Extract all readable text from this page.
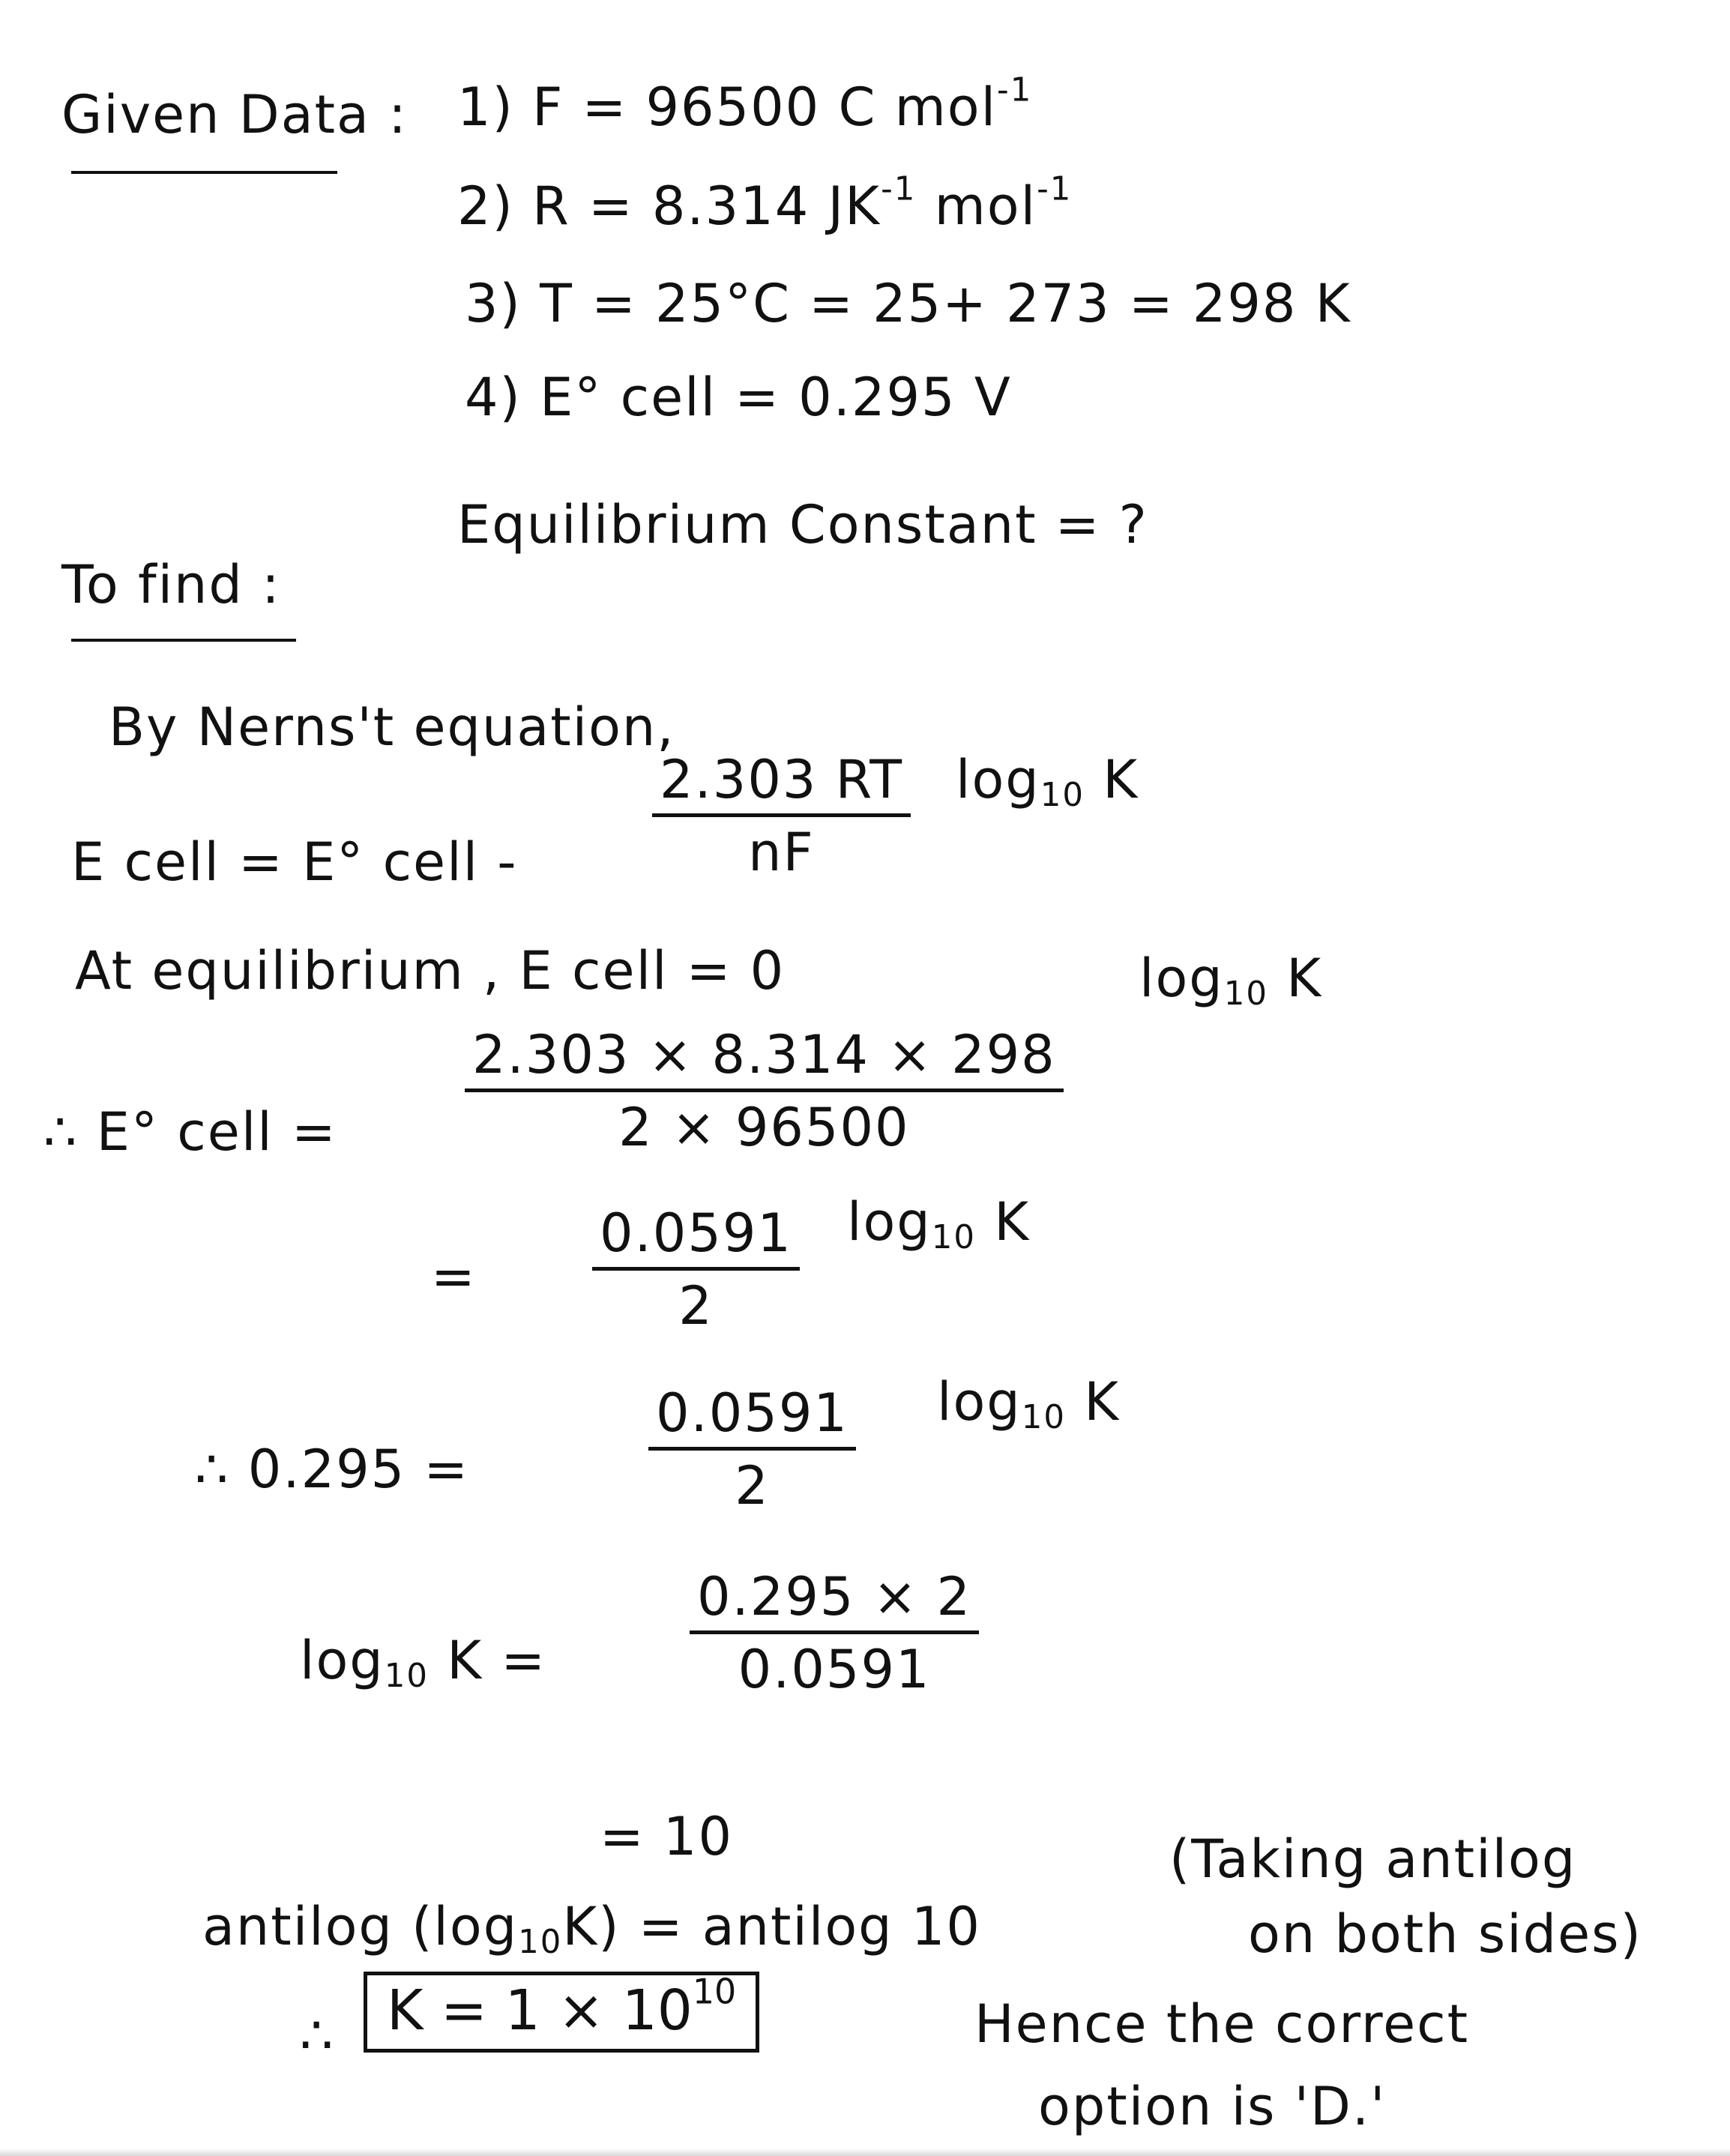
Given Data : 1) F = 96500 C mol$^{-1}$
2) R = 8.314 $JK^{-1}$ mol$^{-1}$
3) T = 25°C = 25+ 273 = 298 K
4) E° cell = 0.295 V
To find :
Equilibrium Constant = ?
By Nerns't equation,
E cell = E° cell -	$\frac{2.303 RT}{nF} \log_{10} K$
At equilibrium , E cell = 0
∴ E° cell = $\frac{2.303 \times 8.314 \times 298}{2 \times 96500}$
$\log_{10} K$
= $\frac{0.0591}{2} \log_{10} K$
∴ 0.295 =	$\frac{0.0591}{2} \log_{10} K$
$\log_{10} K$ =	$\frac{0.295 \times 2}{0.0591}$
= 10
antilog $(\log_{10}K)$ = antilog 10
(Taking antilog
on both sides)
∴ $K = 1 \times 10^{10}$
Hence the correct
option is 'D.'
